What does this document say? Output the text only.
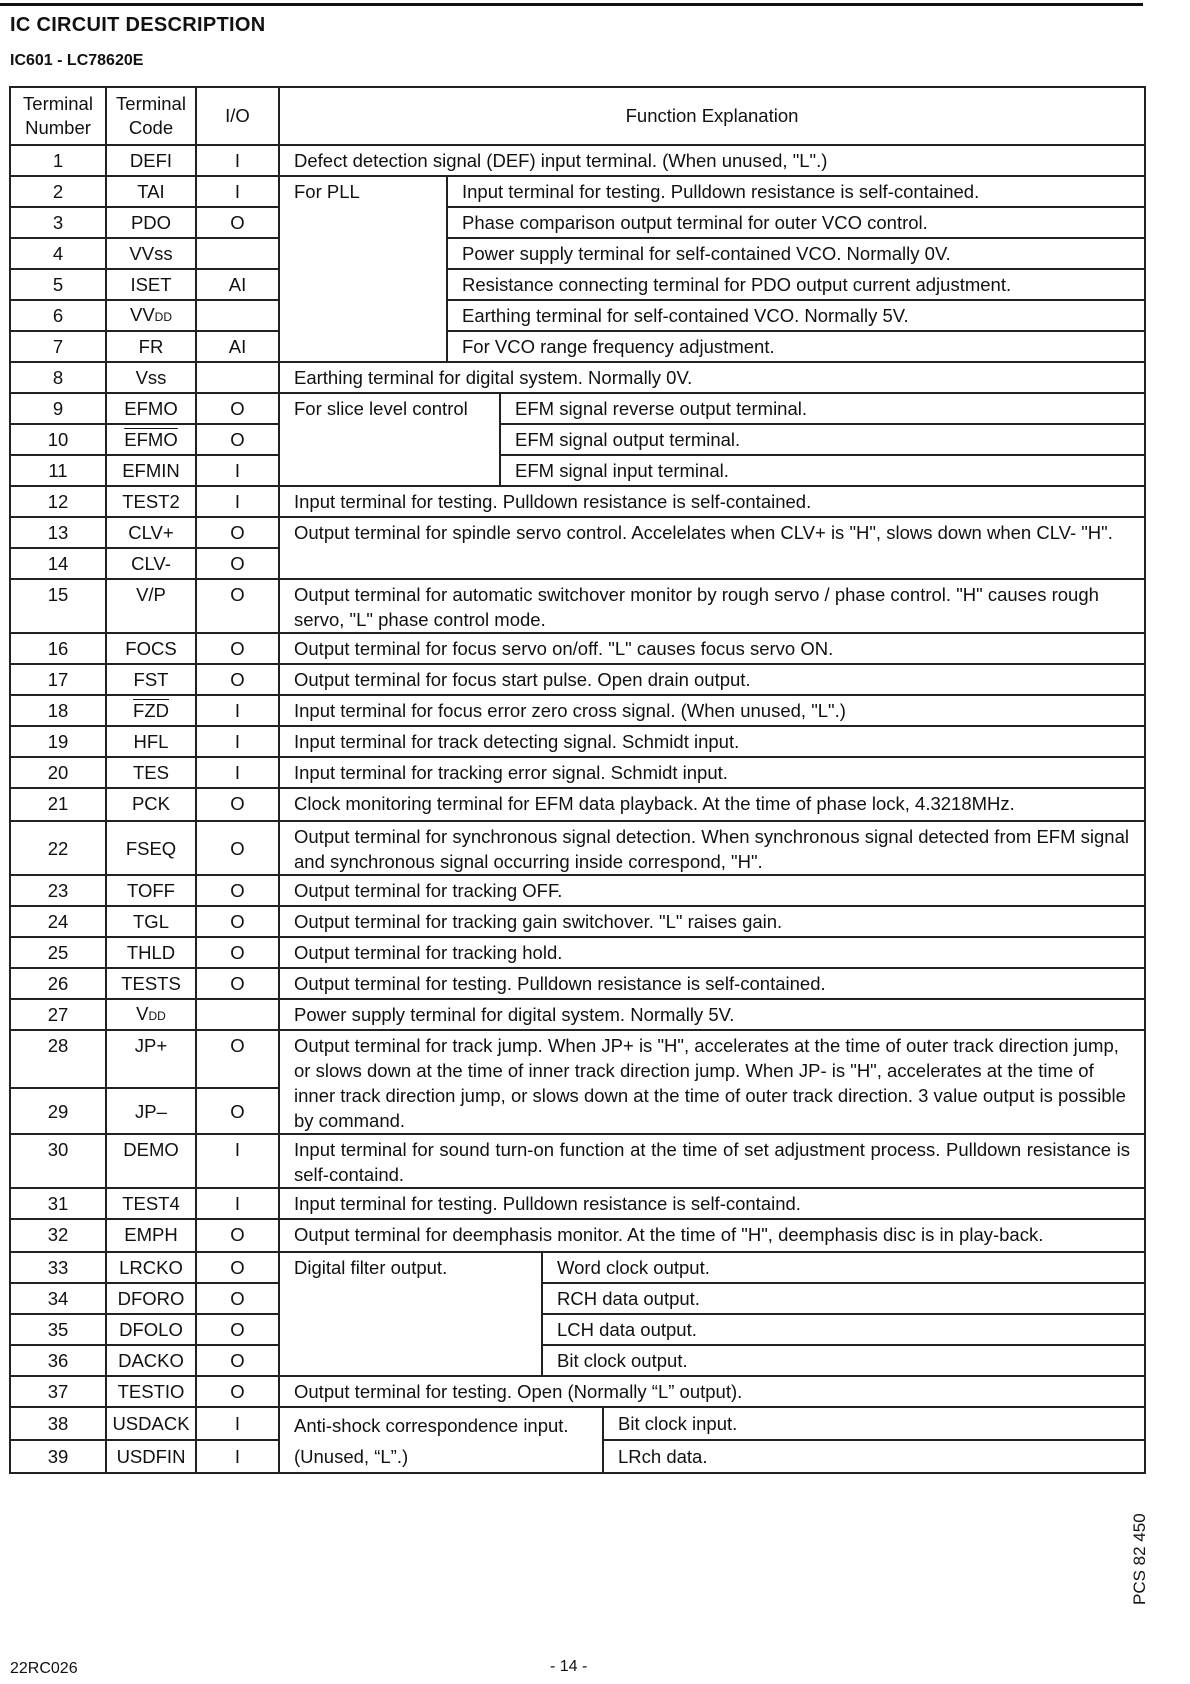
IC CIRCUIT DESCRIPTION
IC601 - LC78620E
Terminal Number	Terminal Code	I/O	Function Explanation				
1	DEFI	I	Defect detection signal (DEF) input terminal. (When unused, "L".)				
2	TAI	I	For PLL	Input terminal for testing. Pulldown resistance is self-contained.			
3	PDO	O		Phase comparison output terminal for outer VCO control.			
4	VVss			Power supply terminal for self-contained VCO. Normally 0V.			
5	ISET	AI		Resistance connecting terminal for PDO output current adjustment.			
6	VVDD			Earthing terminal for self-contained VCO. Normally 5V.			
7	FR	AI		For VCO range frequency adjustment.			
8	Vss		Earthing terminal for digital system. Normally 0V.				
9	EFMO	O	For slice level control		EFM signal reverse output terminal.		
10	EFMO	O			EFM signal output terminal.		
11	EFMIN	I			EFM signal input terminal.		
12	TEST2	I	Input terminal for testing. Pulldown resistance is self-contained.				
13	CLV+	O	Output terminal for spindle servo control. Accelelates when CLV+ is "H", slows down when CLV- "H".				
14	CLV-	O					
15	V/P	O	Output terminal for automatic switchover monitor by rough servo / phase control. "H" causes rough servo, "L" phase control mode.				
16	FOCS	O	Output terminal for focus servo on/off. "L" causes focus servo ON.				
17	FST	O	Output terminal for focus start pulse. Open drain output.				
18	$\overline{FZD}$	I	Input terminal for focus error zero cross signal. (When unused, "L".)				
19	HFL	I	Input terminal for track detecting signal. Schmidt input.				
20	TES	I	Input terminal for tracking error signal. Schmidt input.				
21	PCK	O	Clock monitoring terminal for EFM data playback. At the time of phase lock, 4.3218MHz.				
22	FSEQ	O	Output terminal for synchronous signal detection. When synchronous signal detected from EFM signal and synchronous signal occurring inside correspond, "H".				
23	TOFF	O	Output terminal for tracking OFF.				
24	TGL	O	Output terminal for tracking gain switchover. "L" raises gain.				
25	THLD	O	Output terminal for tracking hold.				
26	TESTS	O	Output terminal for testing. Pulldown resistance is self-contained.				
27	VDD		Power supply terminal for digital system. Normally 5V.				
28	JP+	O	Output terminal for track jump. When JP+ is "H", accelerates at the time of outer track direction jump, or slows down at the time of inner track direction jump. When JP- is "H", accelerates at the time of inner track direction jump, or slows down at the time of outer track direction. 3 value output is possible by command.				
29	JP–	O					
30	DEMO	I	Input terminal for sound turn-on function at the time of set adjustment process. Pulldown resistance is self-containd.				
31	TEST4	I	Input terminal for testing. Pulldown resistance is self-containd.				
32	EMPH	O	Output terminal for deemphasis monitor. At the time of "H", deemphasis disc is in play-back.				
33	LRCKO	O	Digital filter output.			Word clock output.	
34	DFORO	O				RCH data output.	
35	DFOLO	O				LCH data output.	
36	DACKO	O				Bit clock output.	
37	TESTIO	O	Output terminal for testing. Open (Normally “L” output).				
38	USDACK	I	Anti-shock correspondence input. (Unused, “L”.)				Bit clock input.
39	USDFIN	I					LRch data.
PCS 82 450
22RC026	- 14 -
